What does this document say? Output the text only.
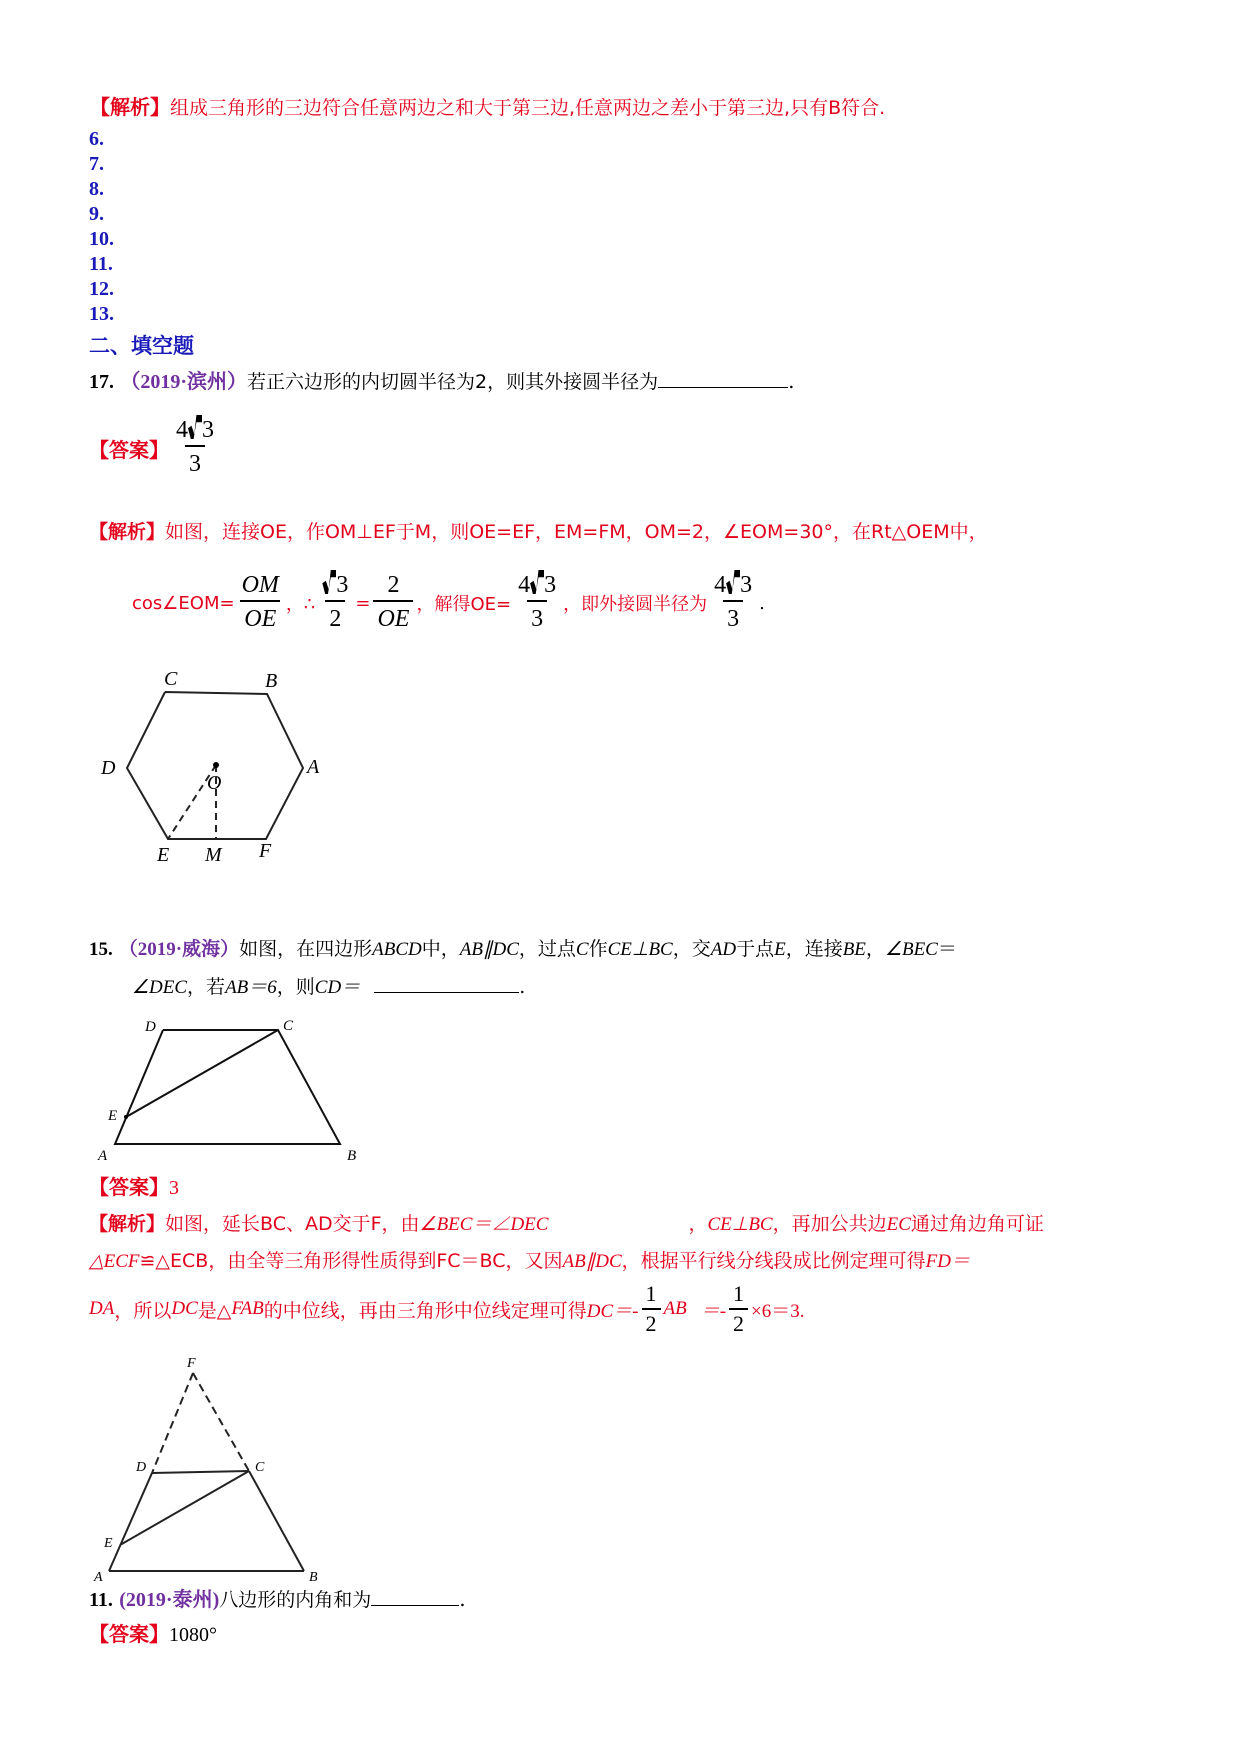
【解析】组成三角形的三边符合任意两边之和大于第三边,任意两边之差小于第三边,只有B符合.
6.
7.
8.
9.
10.
11.
12.
13.
二、填空题
17. （2019·滨州）若正六边形的内切圆半径为2，则其外接圆半径为	.
【答案】 $\frac{4 3}{3}$
【解析】如图，连接OE，作OM⊥EF于M，则OE=EF，EM=FM，OM=2，∠EOM=30°，在Rt△OEM中，
cos∠EOM= $\frac{OM}{OE}$ ，∴ $\frac{3}{2} = \frac{2}{OE}$ ，解得$OE= \frac{4 3}{3}$ ，即外接圆半径为 $\frac{4 3}{3}$ .
C	B
A
D
O
E M F
15. （2019·威海）如图，在四边形ABCD中，AB∥DC，过点C作CE⊥BC，交AD于点E，连接BE，∠BEC＝
∠DEC，若AB＝6，则CD＝	.
D	C
E
A	B
【答案】3
【解析】如图，延长BC、AD交于F，由∠BEC＝∠DEC	，CE⊥BC，再加公共边EC通过角边角可证
△ECF≌△ECB，由全等三角形得性质得到FC＝BC，又因AB∥DC，根据平行线分线段成比例定理可得FD＝
DA ，所以 DC 是△ FAB 的中位线，再由三角形中位线定理可得 $DC=- \frac{1}{2}$ AB ＝- $\frac{1}{2} \times 6=3$.
F
D	C
E
A	B
11. (2019·泰州)八边形的内角和为	.
【答案】1080°
